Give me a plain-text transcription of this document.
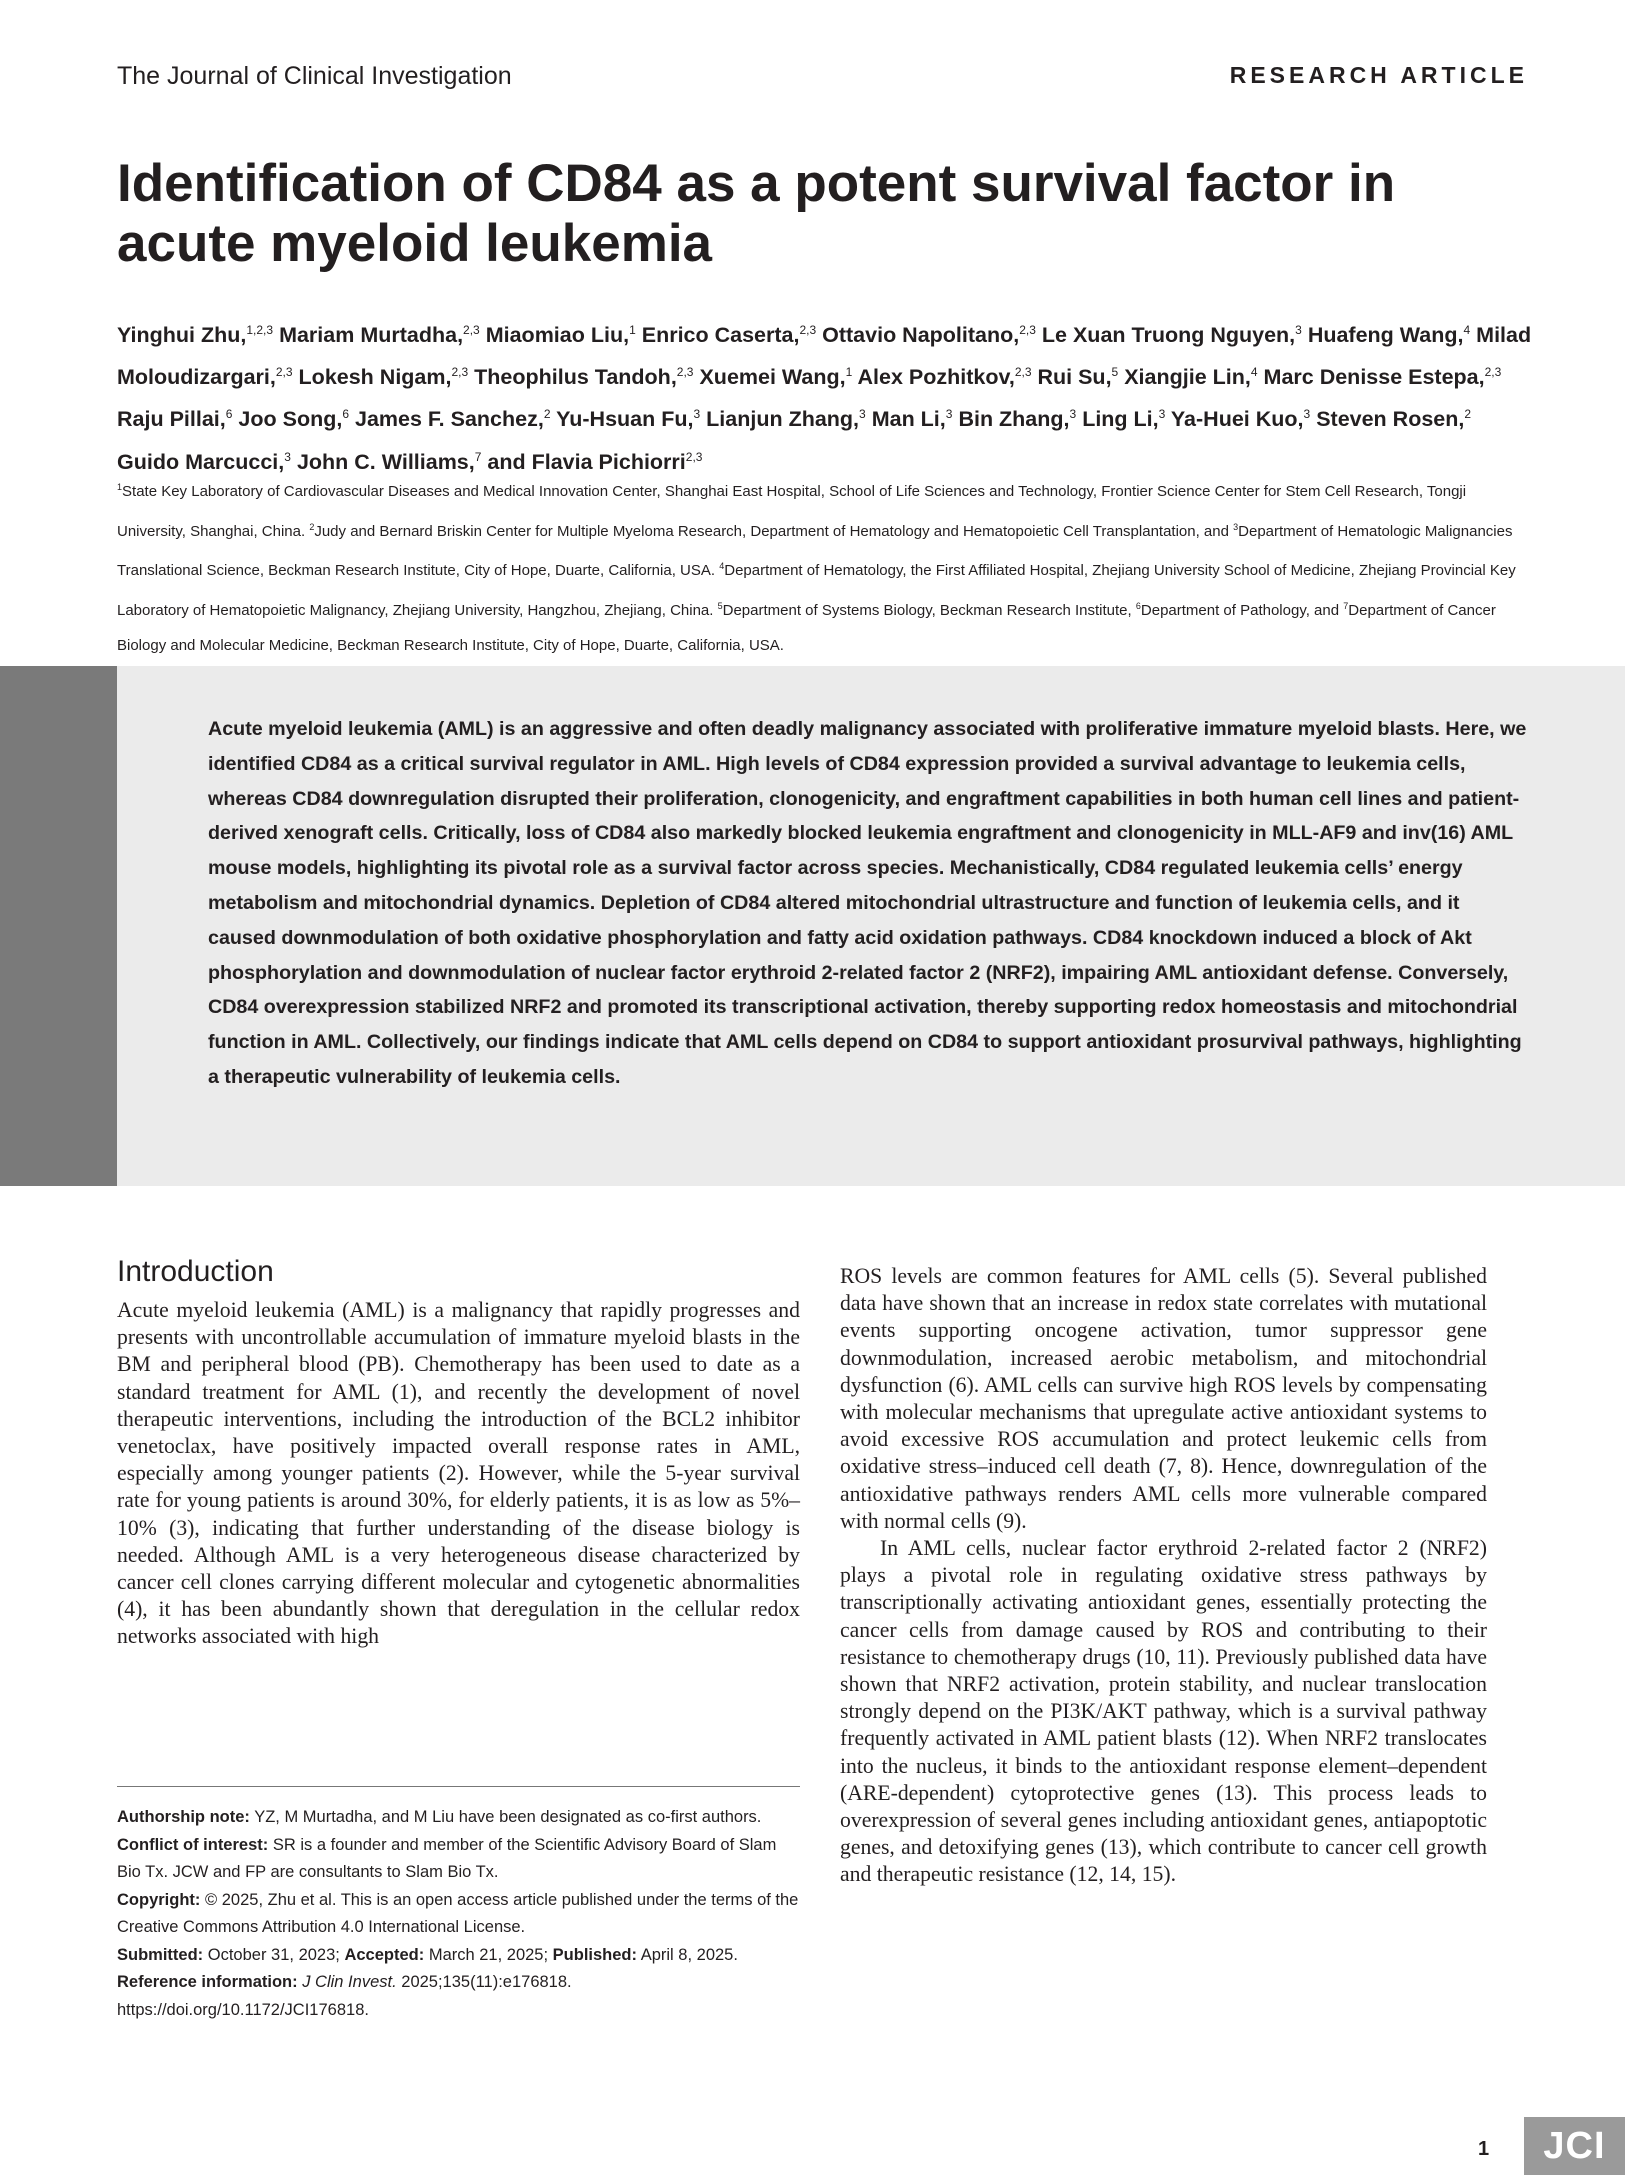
The Journal of Clinical Investigation	RESEARCH ARTICLE
Identification of CD84 as a potent survival factor in acute myeloid leukemia
Yinghui Zhu,$^{1,2,3}$ Mariam Murtadha,$^{2,3}$ Miaomiao Liu,$^1$ Enrico Caserta,$^{2,3}$ Ottavio Napolitano,$^{2,3}$ Le Xuan Truong Nguyen,$^3$ Huafeng Wang,$^4$ Milad Moloudizargari,$^{2,3}$ Lokesh Nigam,$^{2,3}$ Theophilus Tandoh,$^{2,3}$ Xuemei Wang,$^1$ Alex Pozhitkov,$^{2,3}$ Rui Su,$^5$ Xiangjie Lin,$^4$ Marc Denisse Estepa,$^{2,3}$ Raju Pillai,$^6$ Joo Song,$^6$ James F. Sanchez,$^2$ Yu-Hsuan Fu,$^3$ Lianjun Zhang,$^3$ Man Li,$^3$ Bin Zhang,$^3$ Ling Li,$^3$ Ya-Huei Kuo,$^3$ Steven Rosen,$^2$ Guido Marcucci,$^3$ John C. Williams,$^7$ and Flavia Pichiorri$^{2,3}$
$^1$State Key Laboratory of Cardiovascular Diseases and Medical Innovation Center, Shanghai East Hospital, School of Life Sciences and Technology, Frontier Science Center for Stem Cell Research, Tongji University, Shanghai, China. $^2$Judy and Bernard Briskin Center for Multiple Myeloma Research, Department of Hematology and Hematopoietic Cell Transplantation, and $^3$Department of Hematologic Malignancies Translational Science, Beckman Research Institute, City of Hope, Duarte, California, USA. $^4$Department of Hematology, the First Affiliated Hospital, Zhejiang University School of Medicine, Zhejiang Provincial Key Laboratory of Hematopoietic Malignancy, Zhejiang University, Hangzhou, Zhejiang, China. $^5$Department of Systems Biology, Beckman Research Institute, $^6$Department of Pathology, and $^7$Department of Cancer Biology and Molecular Medicine, Beckman Research Institute, City of Hope, Duarte, California, USA.
Acute myeloid leukemia (AML) is an aggressive and often deadly malignancy associated with proliferative immature myeloid blasts. Here, we identified CD84 as a critical survival regulator in AML. High levels of CD84 expression provided a survival advantage to leukemia cells, whereas CD84 downregulation disrupted their proliferation, clonogenicity, and engraftment capabilities in both human cell lines and patient-derived xenograft cells. Critically, loss of CD84 also markedly blocked leukemia engraftment and clonogenicity in MLL-AF9 and inv(16) AML mouse models, highlighting its pivotal role as a survival factor across species. Mechanistically, CD84 regulated leukemia cells’ energy metabolism and mitochondrial dynamics. Depletion of CD84 altered mitochondrial ultrastructure and function of leukemia cells, and it caused downmodulation of both oxidative phosphorylation and fatty acid oxidation pathways. CD84 knockdown induced a block of Akt phosphorylation and downmodulation of nuclear factor erythroid 2-related factor 2 (NRF2), impairing AML antioxidant defense. Conversely, CD84 overexpression stabilized NRF2 and promoted its transcriptional activation, thereby supporting redox homeostasis and mitochondrial function in AML. Collectively, our findings indicate that AML cells depend on CD84 to support antioxidant prosurvival pathways, highlighting a therapeutic vulnerability of leukemia cells.
Introduction
Acute myeloid leukemia (AML) is a malignancy that rapidly progresses and presents with uncontrollable accumulation of immature myeloid blasts in the BM and peripheral blood (PB). Chemotherapy has been used to date as a standard treatment for AML (1), and recently the development of novel therapeutic interventions, including the introduction of the BCL2 inhibitor venetoclax, have positively impacted overall response rates in AML, especially among younger patients (2). However, while the 5-year survival rate for young patients is around 30%, for elderly patients, it is as low as 5%–10% (3), indicating that further understanding of the disease biology is needed. Although AML is a very heterogeneous disease characterized by cancer cell clones carrying different molecular and cytogenetic abnormalities (4), it has been abundantly shown that deregulation in the cellular redox networks associated with high
Authorship note: YZ, M Murtadha, and M Liu have been designated as co-first authors.
Conflict of interest: SR is a founder and member of the Scientific Advisory Board of Slam Bio Tx. JCW and FP are consultants to Slam Bio Tx.
Copyright: © 2025, Zhu et al. This is an open access article published under the terms of the Creative Commons Attribution 4.0 International License.
Submitted: October 31, 2023; Accepted: March 21, 2025; Published: April 8, 2025.
Reference information: J Clin Invest. 2025;135(11):e176818.
https://doi.org/10.1172/JCI176818.

ROS levels are common features for AML cells (5). Several published data have shown that an increase in redox state correlates with mutational events supporting oncogene activation, tumor suppressor gene downmodulation, increased aerobic metabolism, and mitochondrial dysfunction (6). AML cells can survive high ROS levels by compensating with molecular mechanisms that upregulate active antioxidant systems to avoid excessive ROS accumulation and protect leukemic cells from oxidative stress–induced cell death (7, 8). Hence, downregulation of the antioxidative pathways renders AML cells more vulnerable compared with normal cells (9).

In AML cells, nuclear factor erythroid 2-related factor 2 (NRF2) plays a pivotal role in regulating oxidative stress pathways by transcriptionally activating antioxidant genes, essentially protecting the cancer cells from damage caused by ROS and contributing to their resistance to chemotherapy drugs (10, 11). Previously published data have shown that NRF2 activation, protein stability, and nuclear translocation strongly depend on the PI3K/AKT pathway, which is a survival pathway frequently activated in AML patient blasts (12). When NRF2 translocates into the nucleus, it binds to the antioxidant response element–dependent (ARE-dependent) cytoprotective genes (13). This process leads to overexpression of several genes including antioxidant genes, antiapoptotic genes, and detoxifying genes (13), which contribute to cancer cell growth and therapeutic resistance (12, 14, 15).

1	JCI
